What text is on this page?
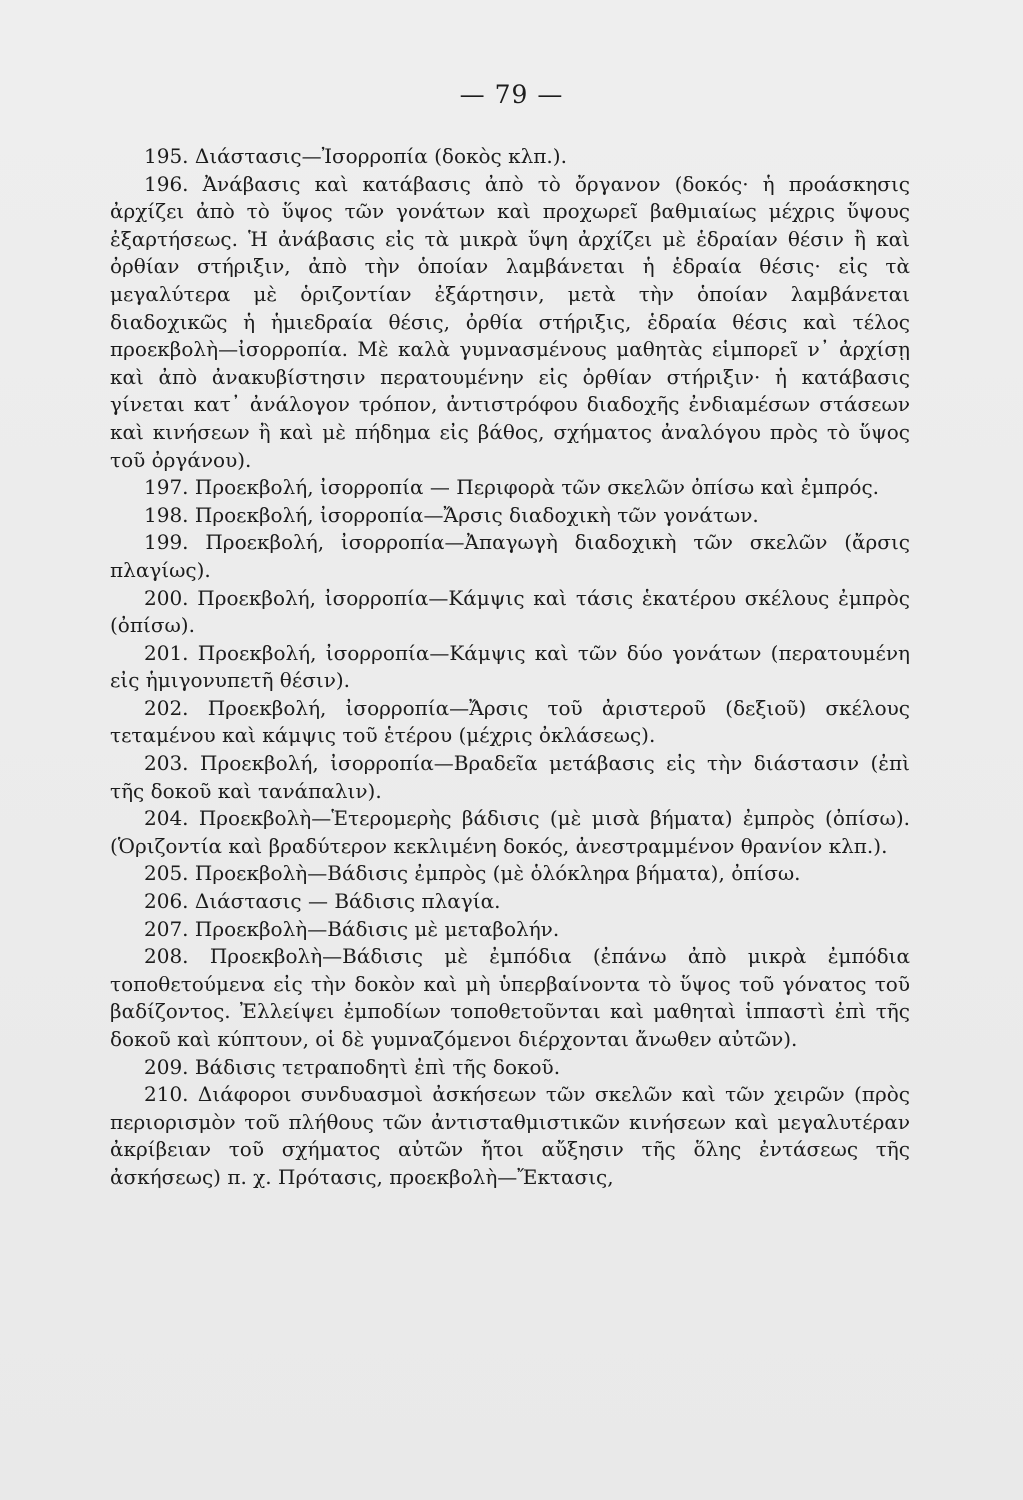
— 79 —

195. Διάστασις—Ἰσορροπία (δοκὸς κλπ.).

196. Ἀνάβασις καὶ κατάβασις ἀπὸ τὸ ὄργανον (δοκός· ἡ προάσκησις ἀρχίζει ἀπὸ τὸ ὕψος τῶν γονάτων καὶ προχωρεῖ βαθμιαίως μέχρις ὕψους ἐξαρτήσεως. Ἡ ἀνάβασις εἰς τὰ μικρὰ ὕψη ἀρχίζει μὲ ἑδραίαν θέσιν ἢ καὶ ὀρθίαν στήριξιν, ἀπὸ τὴν ὁποίαν λαμβάνεται ἡ ἑδραία θέσις· εἰς τὰ μεγαλύτερα μὲ ὁριζοντίαν ἐξάρτησιν, μετὰ τὴν ὁποίαν λαμβάνεται διαδοχικῶς ἡ ἡμιεδραία θέσις, ὀρθία στήριξις, ἑδραία θέσις καὶ τέλος προεκβολὴ—ἰσορροπία. Μὲ καλὰ γυμνασμένους μαθητὰς εἱμπορεῖ ν᾽ ἀρχίσῃ καὶ ἀπὸ ἀνακυβίστησιν περατουμένην εἰς ὀρθίαν στήριξιν· ἡ κατάβασις γίνεται κατ᾽ ἀνάλογον τρόπον, ἀντιστρόφου διαδοχῆς ἐνδιαμέσων στάσεων καὶ κινήσεων ἢ καὶ μὲ πήδημα εἰς βάθος, σχήματος ἀναλόγου πρὸς τὸ ὕψος τοῦ ὀργάνου).

197. Προεκβολή, ἰσορροπία — Περιφορὰ τῶν σκελῶν ὀπίσω καὶ ἐμπρός.

198. Προεκβολή, ἰσορροπία—Ἄρσις διαδοχικὴ τῶν γονάτων.

199. Προεκβολή, ἰσορροπία—Ἀπαγωγὴ διαδοχικὴ τῶν σκελῶν (ἄρσις πλαγίως).

200. Προεκβολή, ἰσορροπία—Κάμψις καὶ τάσις ἑκατέρου σκέλους ἐμπρὸς (ὀπίσω).

201. Προεκβολή, ἰσορροπία—Κάμψις καὶ τῶν δύο γονάτων (περατουμένη εἰς ἡμιγονυπετῆ θέσιν).

202. Προεκβολή, ἰσορροπία—Ἄρσις τοῦ ἀριστεροῦ (δεξιοῦ) σκέλους τεταμένου καὶ κάμψις τοῦ ἑτέρου (μέχρις ὀκλάσεως).

203. Προεκβολή, ἰσορροπία—Βραδεῖα μετάβασις εἰς τὴν διάστασιν (ἐπὶ τῆς δοκοῦ καὶ τανάπαλιν).

204. Προεκβολὴ—Ἑτερομερὴς βάδισις (μὲ μισὰ βήματα) ἐμπρὸς (ὀπίσω). (Ὁριζοντία καὶ βραδύτερον κεκλιμένη δοκός, ἀνεστραμμένον θρανίον κλπ.).

205. Προεκβολὴ—Βάδισις ἐμπρὸς (μὲ ὁλόκληρα βήματα), ὀπίσω.

206. Διάστασις — Βάδισις πλαγία.

207. Προεκβολὴ—Βάδισις μὲ μεταβολήν.

208. Προεκβολὴ—Βάδισις μὲ ἐμπόδια (ἐπάνω ἀπὸ μικρὰ ἐμπόδια τοποθετούμενα εἰς τὴν δοκὸν καὶ μὴ ὑπερβαίνοντα τὸ ὕψος τοῦ γόνατος τοῦ βαδίζοντος. Ἐλλείψει ἐμποδίων τοποθετοῦνται καὶ μαθηταὶ ἱππαστὶ ἐπὶ τῆς δοκοῦ καὶ κύπτουν, οἱ δὲ γυμναζόμενοι διέρχονται ἄνωθεν αὐτῶν).

209. Βάδισις τετραποδητὶ ἐπὶ τῆς δοκοῦ.

210. Διάφοροι συνδυασμοὶ ἀσκήσεων τῶν σκελῶν καὶ τῶν χειρῶν (πρὸς περιορισμὸν τοῦ πλήθους τῶν ἀντισταθμιστικῶν κινήσεων καὶ μεγαλυτέραν ἀκρίβειαν τοῦ σχήματος αὐτῶν ἤτοι αὔξησιν τῆς ὅλης ἐντάσεως τῆς ἀσκήσεως) π. χ. Πρότασις, προεκβολὴ—Ἔκτασις,
